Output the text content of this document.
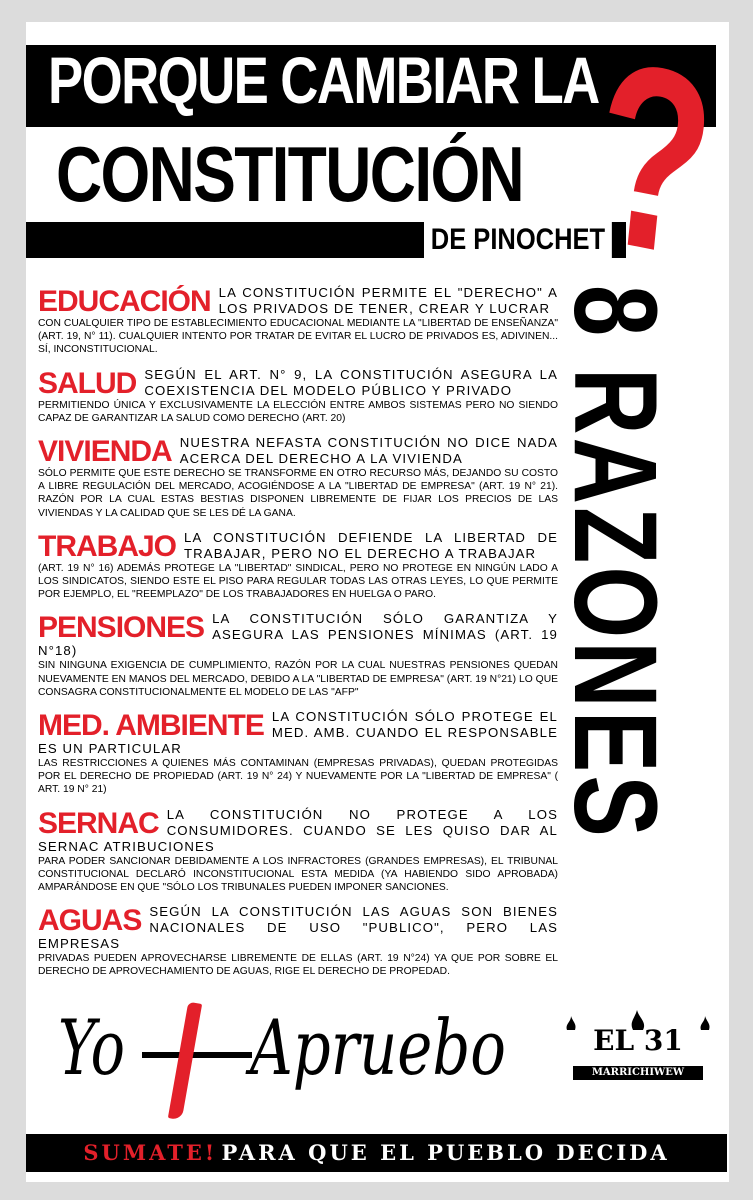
PORQUE CAMBIAR LA
CONSTITUCIÓN
DE PINOCHET
?
8 RAZONES
EDUCACIÓN LA CONSTITUCIÓN PERMITE EL "DERECHO" A LOS PRIVADOS DE TENER, CREAR Y LUCRAR
CON CUALQUIER TIPO DE ESTABLECIMIENTO EDUCACIONAL MEDIANTE LA "LIBERTAD DE ENSEÑANZA" (ART. 19, N° 11). CUALQUIER INTENTO POR TRATAR DE EVITAR EL LUCRO DE PRIVADOS ES, ADIVINEN... SÍ, INCONSTITUCIONAL.
SALUD SEGÚN EL ART. N° 9, LA CONSTITUCIÓN ASEGURA LA COEXISTENCIA DEL MODELO PÚBLICO Y PRIVADO
PERMITIENDO ÚNICA Y EXCLUSIVAMENTE LA ELECCIÓN ENTRE AMBOS SISTEMAS PERO NO SIENDO CAPAZ DE GARANTIZAR LA SALUD COMO DERECHO (ART. 20)
VIVIENDA NUESTRA NEFASTA CONSTITUCIÓN NO DICE NADA ACERCA DEL DERECHO A LA VIVIENDA
SÓLO PERMITE QUE ESTE DERECHO SE TRANSFORME EN OTRO RECURSO MÁS, DEJANDO SU COSTO A LIBRE REGULACIÓN DEL MERCADO, ACOGIÉNDOSE A LA "LIBERTAD DE EMPRESA" (ART. 19 N° 21). RAZÓN POR LA CUAL ESTAS BESTIAS DISPONEN LIBREMENTE DE FIJAR LOS PRECIOS DE LAS VIVIENDAS Y LA CALIDAD QUE SE LES DÉ LA GANA.
TRABAJO LA CONSTITUCIÓN DEFIENDE LA LIBERTAD DE TRABAJAR, PERO NO EL DERECHO A TRABAJAR
(ART. 19 N° 16) ADEMÁS PROTEGE LA "LIBERTAD" SINDICAL, PERO NO PROTEGE EN NINGÚN LADO A LOS SINDICATOS, SIENDO ESTE EL PISO PARA REGULAR TODAS LAS OTRAS LEYES, LO QUE PERMITE POR EJEMPLO, EL "REEMPLAZO" DE LOS TRABAJADORES EN HUELGA O PARO.
PENSIONES LA CONSTITUCIÓN SÓLO GARANTIZA Y ASEGURA LAS PENSIONES MÍNIMAS (ART. 19 N°18)
SIN NINGUNA EXIGENCIA DE CUMPLIMIENTO, RAZÓN POR LA CUAL NUESTRAS PENSIONES QUEDAN NUEVAMENTE EN MANOS DEL MERCADO, DEBIDO A LA "LIBERTAD DE EMPRESA" (ART. 19 N°21) LO QUE CONSAGRA CONSTITUCIONALMENTE EL MODELO DE LAS "AFP"
MED. AMBIENTE LA CONSTITUCIÓN SÓLO PROTEGE EL MED. AMB. CUANDO EL RESPONSABLE ES UN PARTICULAR
LAS RESTRICCIONES A QUIENES MÁS CONTAMINAN (EMPRESAS PRIVADAS), QUEDAN PROTEGIDAS POR EL DERECHO DE PROPIEDAD (ART. 19 N° 24) Y NUEVAMENTE POR LA "LIBERTAD DE EMPRESA" ( ART. 19 N° 21)
SERNAC LA CONSTITUCIÓN NO PROTEGE A LOS CONSUMIDORES. CUANDO SE LES QUISO DAR AL SERNAC ATRIBUCIONES
PARA PODER SANCIONAR DEBIDAMENTE A LOS INFRACTORES (GRANDES EMPRESAS), EL TRIBUNAL CONSTITUCIONAL DECLARÓ INCONSTITUCIONAL ESTA MEDIDA (YA HABIENDO SIDO APROBADA) AMPARÁNDOSE EN QUE "SÓLO LOS TRIBUNALES PUEDEN IMPONER SANCIONES.
AGUAS SEGÚN LA CONSTITUCIÓN LAS AGUAS SON BIENES NACIONALES DE USO "PUBLICO", PERO LAS EMPRESAS
PRIVADAS PUEDEN APROVECHARSE LIBREMENTE DE ELLAS (ART. 19 N°24) YA QUE POR SOBRE EL DERECHO DE APROVECHAMIENTO DE AGUAS, RIGE EL DERECHO DE PROPEDAD.
Yo Apruebo	EL 31
MARRICHIWEW
SUMATE! PARA QUE EL PUEBLO DECIDA
